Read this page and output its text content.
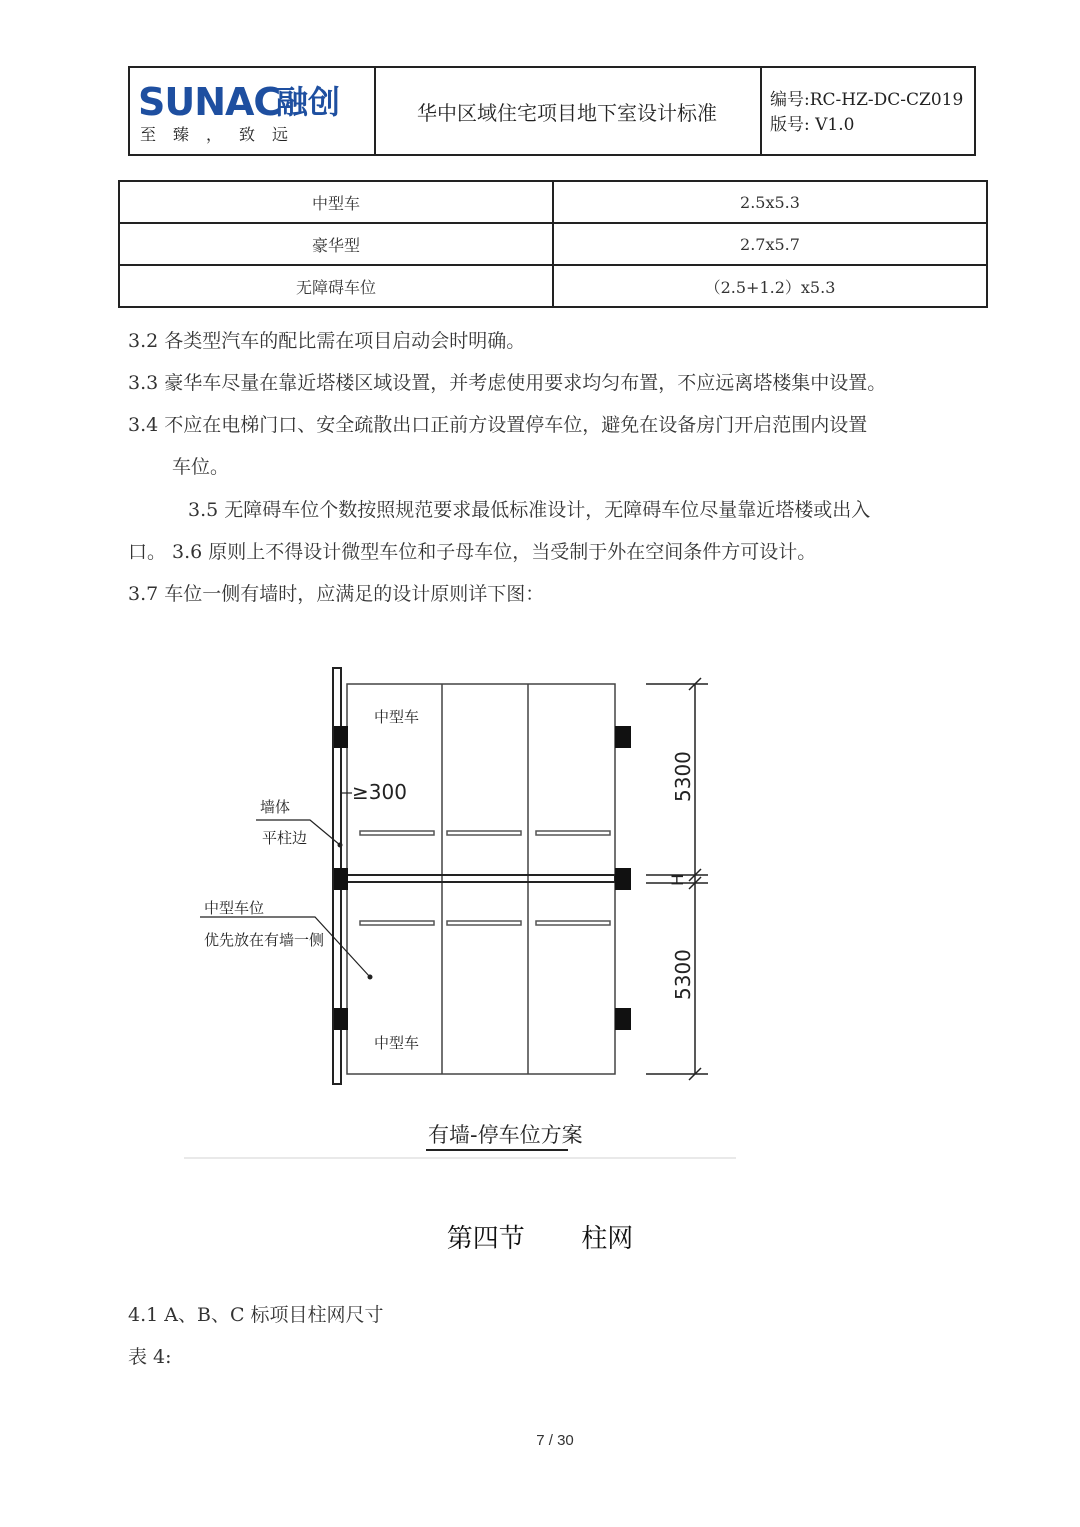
SUNAC
融创
至臻，致远
华中区域住宅项目地下室设计标准
编号:RC-HZ-DC-CZ019
版号: V1.0
中型车	2.5x5.3
豪华型	2.7x5.7
无障碍车位	（2.5+1.2）x5.3
3.2 各类型汽车的配比需在项目启动会时明确。
3.3 豪华车尽量在靠近塔楼区域设置，并考虑使用要求均匀布置，不应远离塔楼集中设置。
3.4 不应在电梯门口、安全疏散出口正前方设置停车位，避免在设备房门开启范围内设置
车位。
3.5 无障碍车位个数按照规范要求最低标准设计，无障碍车位尽量靠近塔楼或出入
口。 3.6 原则上不得设计微型车位和子母车位，当受制于外在空间条件方可设计。
3.7 车位一侧有墙时，应满足的设计原则详下图：
中型车
中型车
≥300
墙体
平柱边
中型车位
优先放在有墙一侧
5300
H
5300
有墙-停车位方案
第四节 柱网
4.1 A、B、C 标项目柱网尺寸
表 4:
7 / 30
